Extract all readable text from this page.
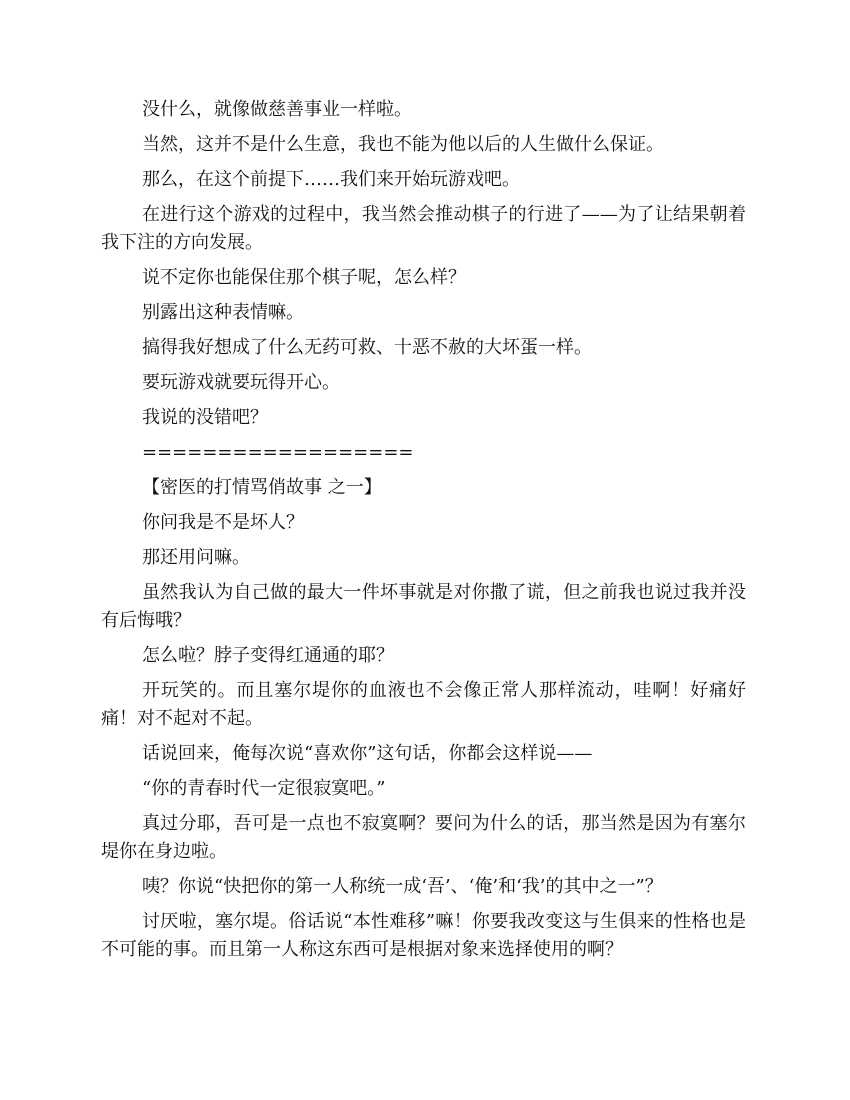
没什么，就像做慈善事业一样啦。

当然，这并不是什么生意，我也不能为他以后的人生做什么保证。

那么，在这个前提下……我们来开始玩游戏吧。

在进行这个游戏的过程中，我当然会推动棋子的行进了——为了让结果朝着我下注的方向发展。

说不定你也能保住那个棋子呢，怎么样？

别露出这种表情嘛。

搞得我好想成了什么无药可救、十恶不赦的大坏蛋一样。

要玩游戏就要玩得开心。

我说的没错吧？

==================

【密医的打情骂俏故事 之一】

你问我是不是坏人？

那还用问嘛。

虽然我认为自己做的最大一件坏事就是对你撒了谎，但之前我也说过我并没有后悔哦？

怎么啦？脖子变得红通通的耶？

开玩笑的。而且塞尔堤你的血液也不会像正常人那样流动，哇啊！好痛好痛！对不起对不起。

话说回来，俺每次说“喜欢你”这句话，你都会这样说——

“你的青春时代一定很寂寞吧。”

真过分耶，吾可是一点也不寂寞啊？要问为什么的话，那当然是因为有塞尔堤你在身边啦。

咦？你说“快把你的第一人称统一成‘吾’、‘俺’和‘我’的其中之一”？

讨厌啦，塞尔堤。俗话说“本性难移”嘛！你要我改变这与生俱来的性格也是不可能的事。而且第一人称这东西可是根据对象来选择使用的啊？
